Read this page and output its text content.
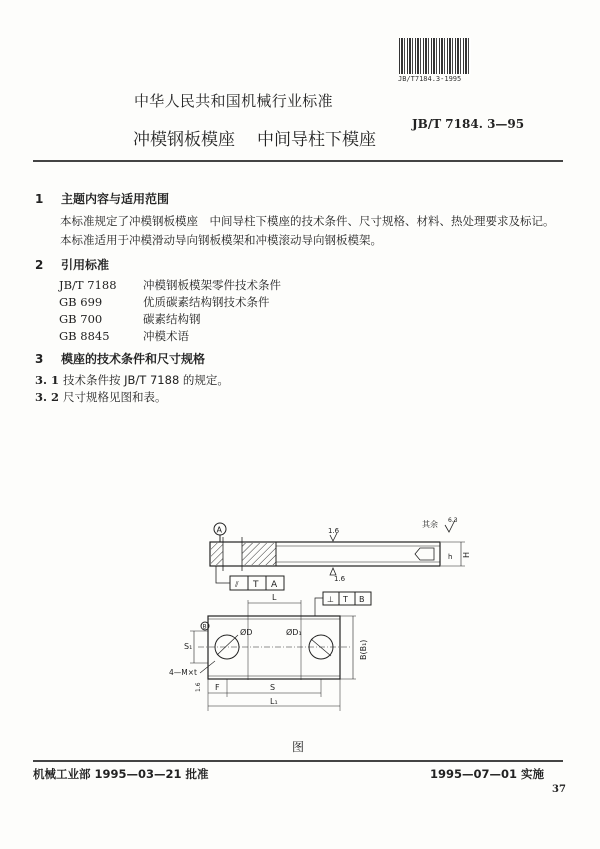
JB/T7184.3-1995
中华人民共和国机械行业标准
JB/T 7184. 3—95
冲模钢板模座 中间导柱下模座
1 主题内容与适用范围
本标准规定了冲模钢板模座　中间导柱下模座的技术条件、尺寸规格、材料、热处理要求及标记。
本标准适用于冲模滑动导向钢板模架和冲模滚动导向钢板模架。
2 引用标准
JB/T 7188 冲模钢板模架零件技术条件
GB 699	优质碳素结构钢技术条件
GB 700	碳素结构钢
GB 8845	冲模术语
3 模座的技术条件和尺寸规格
3. 1 技术条件按 JB/T 7188 的规定。
3. 2 尺寸规格见图和表。
A
H
h
1.6
1.6
其余 6.3
⫽ T A
ØD	ØD₁
L
S₁	B(B₁)
4—M×t
F	S
L₁
1.6
⊥ T B
B
图
机械工业部 1995—03—21 批准	1995—07—01 实施
37
